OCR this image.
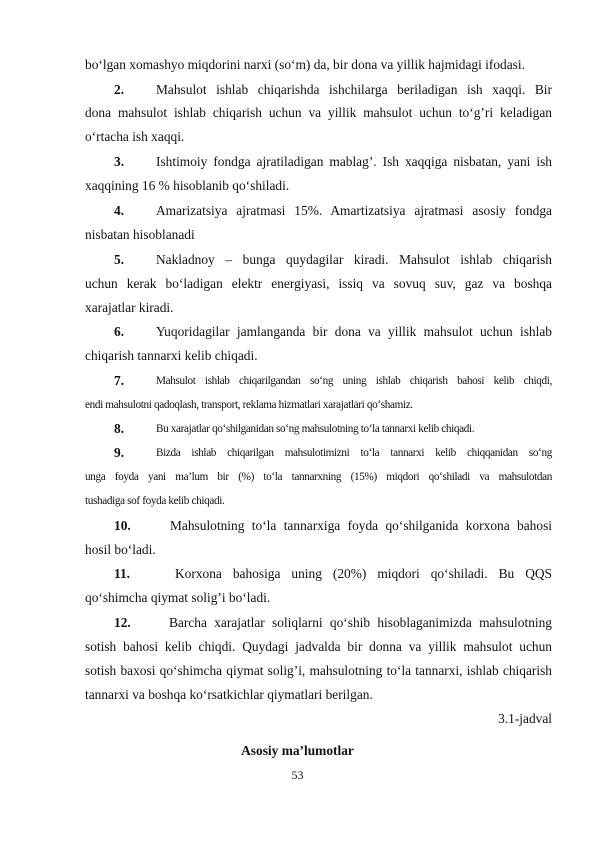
bo‘lgan xomashyo miqdorini narxi (so‘m) da, bir dona va yillik hajmidagi ifodasi.
2. Mahsulot ishlab chiqarishda ishchilarga beriladigan ish xaqqi. Bir
dona mahsulot ishlab chiqarish uchun va yillik mahsulot uchun to‘g’ri keladigan
o‘rtacha ish xaqqi.
3. Ishtimoiy fondga ajratiladigan mablag’. Ish xaqqiga nisbatan, yani ish
xaqqining 16 % hisoblanib qo‘shiladi.
4. Amarizatsiya ajratmasi 15%. Amartizatsiya ajratmasi asosiy fondga
nisbatan hisoblanadi
5. Nakladnoy – bunga quydagilar kiradi. Mahsulot ishlab chiqarish
uchun kerak bo‘ladigan elektr energiyasi, issiq va sovuq suv, gaz va boshqa
xarajatlar kiradi.
6. Yuqoridagilar jamlanganda bir dona va yillik mahsulot uchun ishlab
chiqarish tannarxi kelib chiqadi.
7.	Mahsulot ishlab chiqarilgandan so‘ng uning ishlab chiqarish bahosi kelib chiqdi,
endi mahsulotni qadoqlash, transport, reklama hizmatlari xarajatlari qo‘shamiz.
8.	Bu xarajatlar qo‘shilganidan so‘ng mahsulotning to‘la tannarxi kelib chiqadi.
9.	Bizda ishlab chiqarilgan mahsulotimizni to‘la tannarxi kelib chiqqanidan so‘ng
unga foyda yani ma’lum bir (%) to‘la tannarxning (15%) miqdori qo‘shiladi va mahsulotdan
tushadiga sof foyda kelib chiqadi.
10.	Mahsulotning to‘la tannarxiga foyda qo‘shilganida korxona bahosi
hosil bo‘ladi.
11.	Korxona bahosiga uning (20%) miqdori qo‘shiladi. Bu QQS
qo‘shimcha qiymat solig’i bo‘ladi.
12.	Barcha xarajatlar soliqlarni qo‘shib hisoblaganimizda mahsulotning
sotish bahosi kelib chiqdi. Quydagi jadvalda bir donna va yillik mahsulot uchun
sotish baxosi qo‘shimcha qiymat solig’i, mahsulotning to‘la tannarxi, ishlab chiqarish
tannarxi va boshqa ko‘rsatkichlar qiymatlari berilgan.
3.1-jadval
Asosiy ma’lumotlar
53
